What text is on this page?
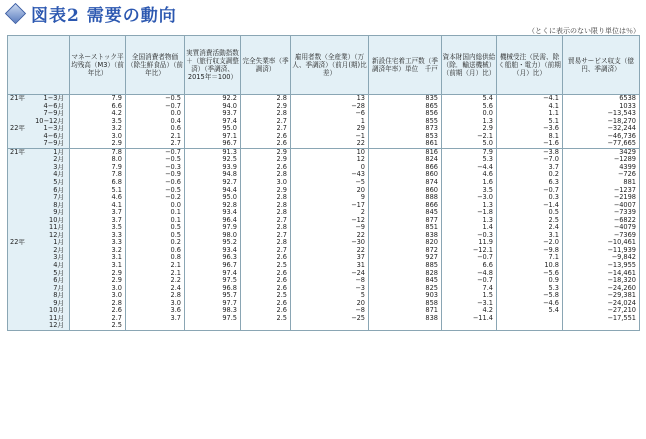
図表2 需要の動向
（とくに表示のない限り単位は％）
	マネーストック平均残高（M3）（前年比）	全国消費者物価（除生鮮食品）（前年比）	実質消費活動指数＋（旅行収支調整済）（季調済、2015年＝100）	完全失業率（季調済）	雇用者数（全産業）（万人、季調済）（前月(期)比差）	新設住宅着工戸数（季調済年率）単位　千戸	資本財国内総供給（除．輸送機械）（前期（月）比）	機械受注（民需、除く船舶・電力）（前期（月）比）	貿易サービス収支（億円、季調済）
21年 1−3月	7.9	−0.5	92.2	2.8	13	835	5.4	−4.1	6538
4−6月	6.6	−0.7	94.0	2.9	−28	865	5.6	4.1	1033
7−9月	4.2	0.0	93.7	2.8	−6	856	0.0	1.1	−13,543
10−12月	3.5	0.4	97.4	2.7	1	855	1.3	5.1	−18,270
22年 1−3月	3.2	0.6	95.0	2.7	29	873	2.9	−3.6	−32,244
4−6月	3.0	2.1	97.1	2.6	−1	853	−2.1	8.1	−46,736
7−9月	2.9	2.7	96.7	2.6	22	861	5.0	−1.6	−77,665
21年 1月	7.8	−0.7	91.3	2.9	10	816	7.9	−3.8	3429
2月	8.0	−0.5	92.5	2.9	12	824	5.3	−7.0	−1289
3月	7.9	−0.3	93.9	2.6	0	866	−4.4	3.7	4399
4月	7.8	−0.9	94.8	2.8	−43	860	4.6	0.2	−726
5月	6.8	−0.6	92.7	3.0	−5	874	1.6	6.3	881
6月	5.1	−0.5	94.4	2.9	20	860	3.5	−0.7	−1237
7月	4.6	−0.2	95.0	2.8	9	888	−3.0	0.3	−2198
8月	4.1	0.0	92.8	2.8	−17	866	1.3	−1.4	−4007
9月	3.7	0.1	93.4	2.8	2	845	−1.8	0.5	−7339
10月	3.7	0.1	96.4	2.7	−12	877	1.3	2.5	−6822
11月	3.5	0.5	97.9	2.8	−9	851	1.4	2.4	−4079
12月	3.3	0.5	98.0	2.7	22	838	−0.3	3.1	−7369
22年 1月	3.3	0.2	95.2	2.8	−30	820	11.9	−2.0	−10,461
2月	3.2	0.6	93.4	2.7	22	872	−12.1	−9.8	−11,939
3月	3.1	0.8	96.3	2.6	37	927	−0.7	7.1	−9,842
4月	3.1	2.1	96.7	2.5	31	885	6.6	10.8	−13,955
5月	2.9	2.1	97.4	2.6	−24	828	−4.8	−5.6	−14,461
6月	2.9	2.2	97.5	2.6	−8	845	−0.7	0.9	−18,320
7月	3.0	2.4	96.8	2.6	−3	825	7.4	5.3	−24,260
8月	3.0	2.8	95.7	2.5	5	903	1.5	−5.8	−29,381
9月	2.8	3.0	97.7	2.6	20	858	−3.1	−4.6	−24,024
10月	2.6	3.6	98.3	2.6	−8	871	4.2	5.4	−27,210
11月	2.7	3.7	97.5	2.5	−25	838	−11.4		−17,551
12月	2.5								
